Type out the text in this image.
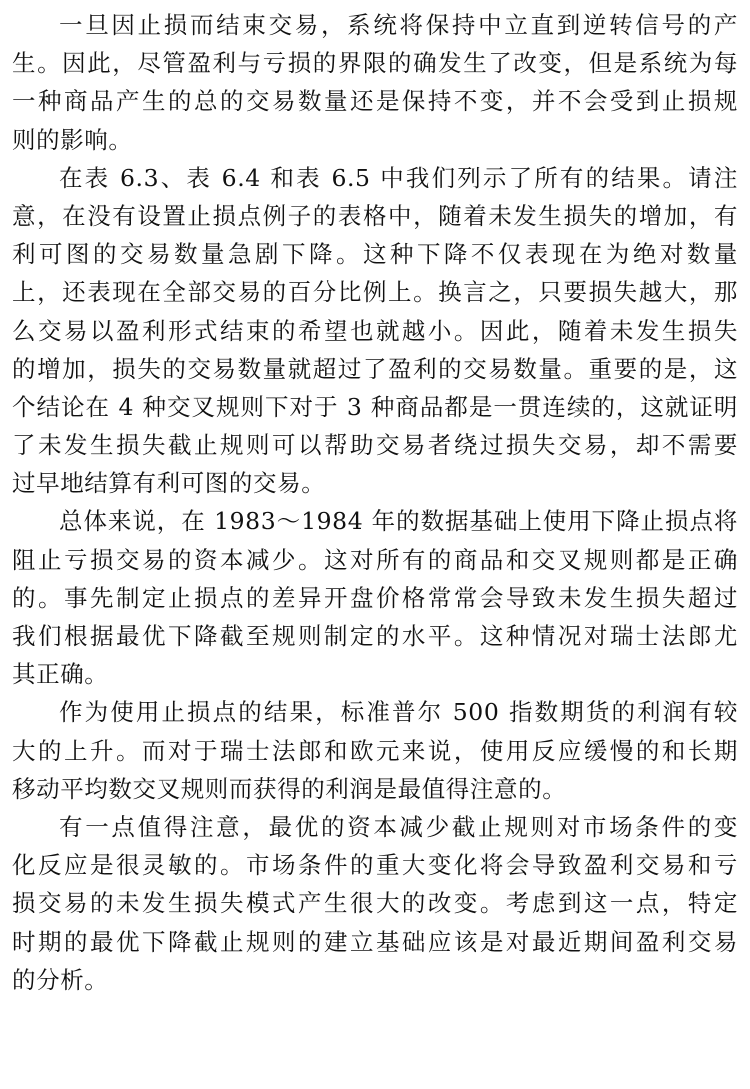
一旦因止损而结束交易，系统将保持中立直到逆转信号的产
生。因此，尽管盈利与亏损的界限的确发生了改变，但是系统为每
一种商品产生的总的交易数量还是保持不变，并不会受到止损规
则的影响。
在表 6.3、表 6.4 和表 6.5 中我们列示了所有的结果。请注
意，在没有设置止损点例子的表格中，随着未发生损失的增加，有
利可图的交易数量急剧下降。这种下降不仅表现在为绝对数量
上，还表现在全部交易的百分比例上。换言之，只要损失越大，那
么交易以盈利形式结束的希望也就越小。因此，随着未发生损失
的增加，损失的交易数量就超过了盈利的交易数量。重要的是，这
个结论在 4 种交叉规则下对于 3 种商品都是一贯连续的，这就证明
了未发生损失截止规则可以帮助交易者绕过损失交易，却不需要
过早地结算有利可图的交易。
总体来说，在 1983～1984 年的数据基础上使用下降止损点将
阻止亏损交易的资本减少。这对所有的商品和交叉规则都是正确
的。事先制定止损点的差异开盘价格常常会导致未发生损失超过
我们根据最优下降截至规则制定的水平。这种情况对瑞士法郎尤
其正确。
作为使用止损点的结果，标准普尔 500 指数期货的利润有较
大的上升。而对于瑞士法郎和欧元来说，使用反应缓慢的和长期
移动平均数交叉规则而获得的利润是最值得注意的。
有一点值得注意，最优的资本减少截止规则对市场条件的变
化反应是很灵敏的。市场条件的重大变化将会导致盈利交易和亏
损交易的未发生损失模式产生很大的改变。考虑到这一点，特定
时期的最优下降截止规则的建立基础应该是对最近期间盈利交易
的分析。
